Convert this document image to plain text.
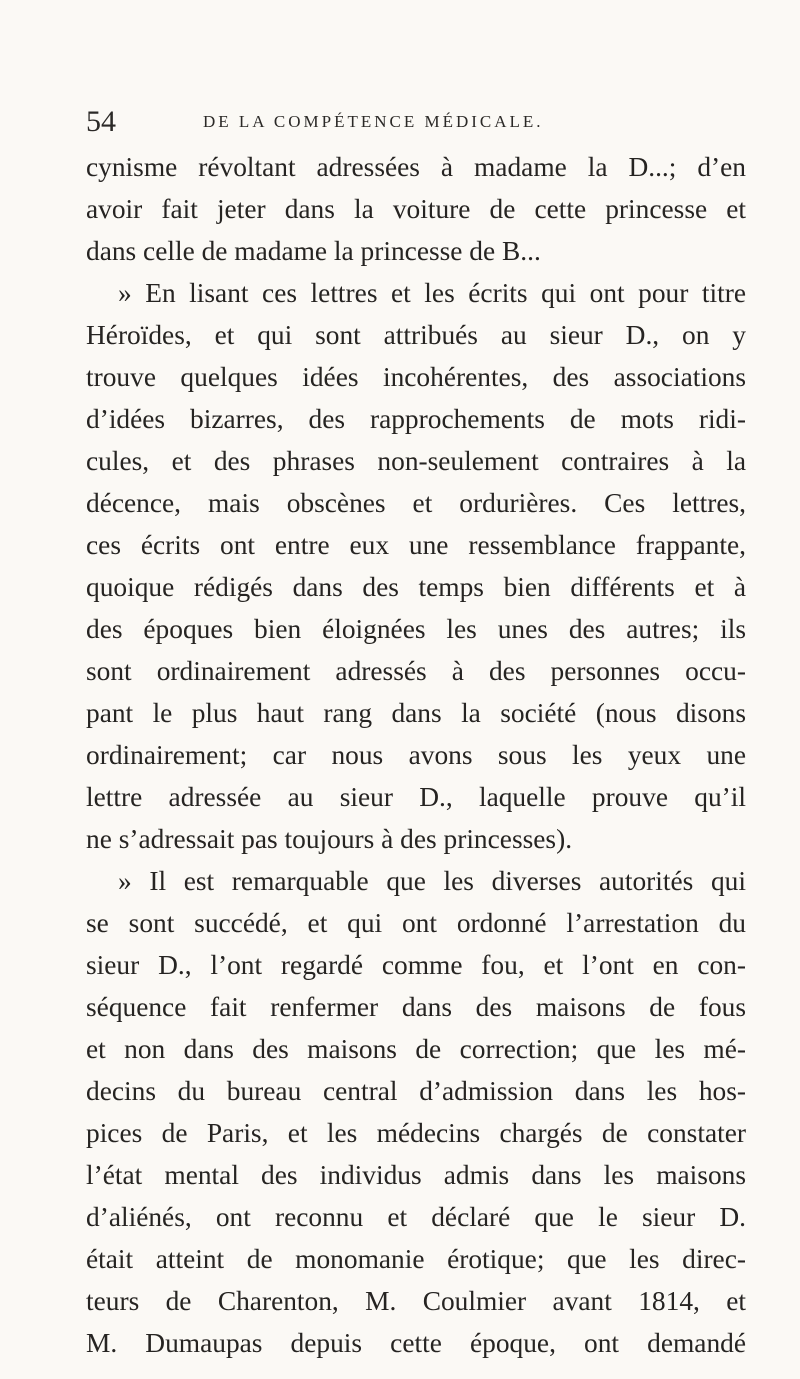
54	DE LA COMPÉTENCE MÉDICALE.
cynisme révoltant adressées à madame la D...; d’en
avoir fait jeter dans la voiture de cette princesse et
dans celle de madame la princesse de B...
» En lisant ces lettres et les écrits qui ont pour titre
Héroïdes, et qui sont attribués au sieur D., on y
trouve quelques idées incohérentes, des associations
d’idées bizarres, des rapprochements de mots ridi-
cules, et des phrases non-seulement contraires à la
décence, mais obscènes et ordurières. Ces lettres,
ces écrits ont entre eux une ressemblance frappante,
quoique rédigés dans des temps bien différents et à
des époques bien éloignées les unes des autres; ils
sont ordinairement adressés à des personnes occu-
pant le plus haut rang dans la société (nous disons
ordinairement; car nous avons sous les yeux une
lettre adressée au sieur D., laquelle prouve qu’il
ne s’adressait pas toujours à des princesses).
» Il est remarquable que les diverses autorités qui
se sont succédé, et qui ont ordonné l’arrestation du
sieur D., l’ont regardé comme fou, et l’ont en con-
séquence fait renfermer dans des maisons de fous
et non dans des maisons de correction; que les mé-
decins du bureau central d’admission dans les hos-
pices de Paris, et les médecins chargés de constater
l’état mental des individus admis dans les maisons
d’aliénés, ont reconnu et déclaré que le sieur D.
était atteint de monomanie érotique; que les direc-
teurs de Charenton, M. Coulmier avant 1814, et
M. Dumaupas depuis cette époque, ont demandé
